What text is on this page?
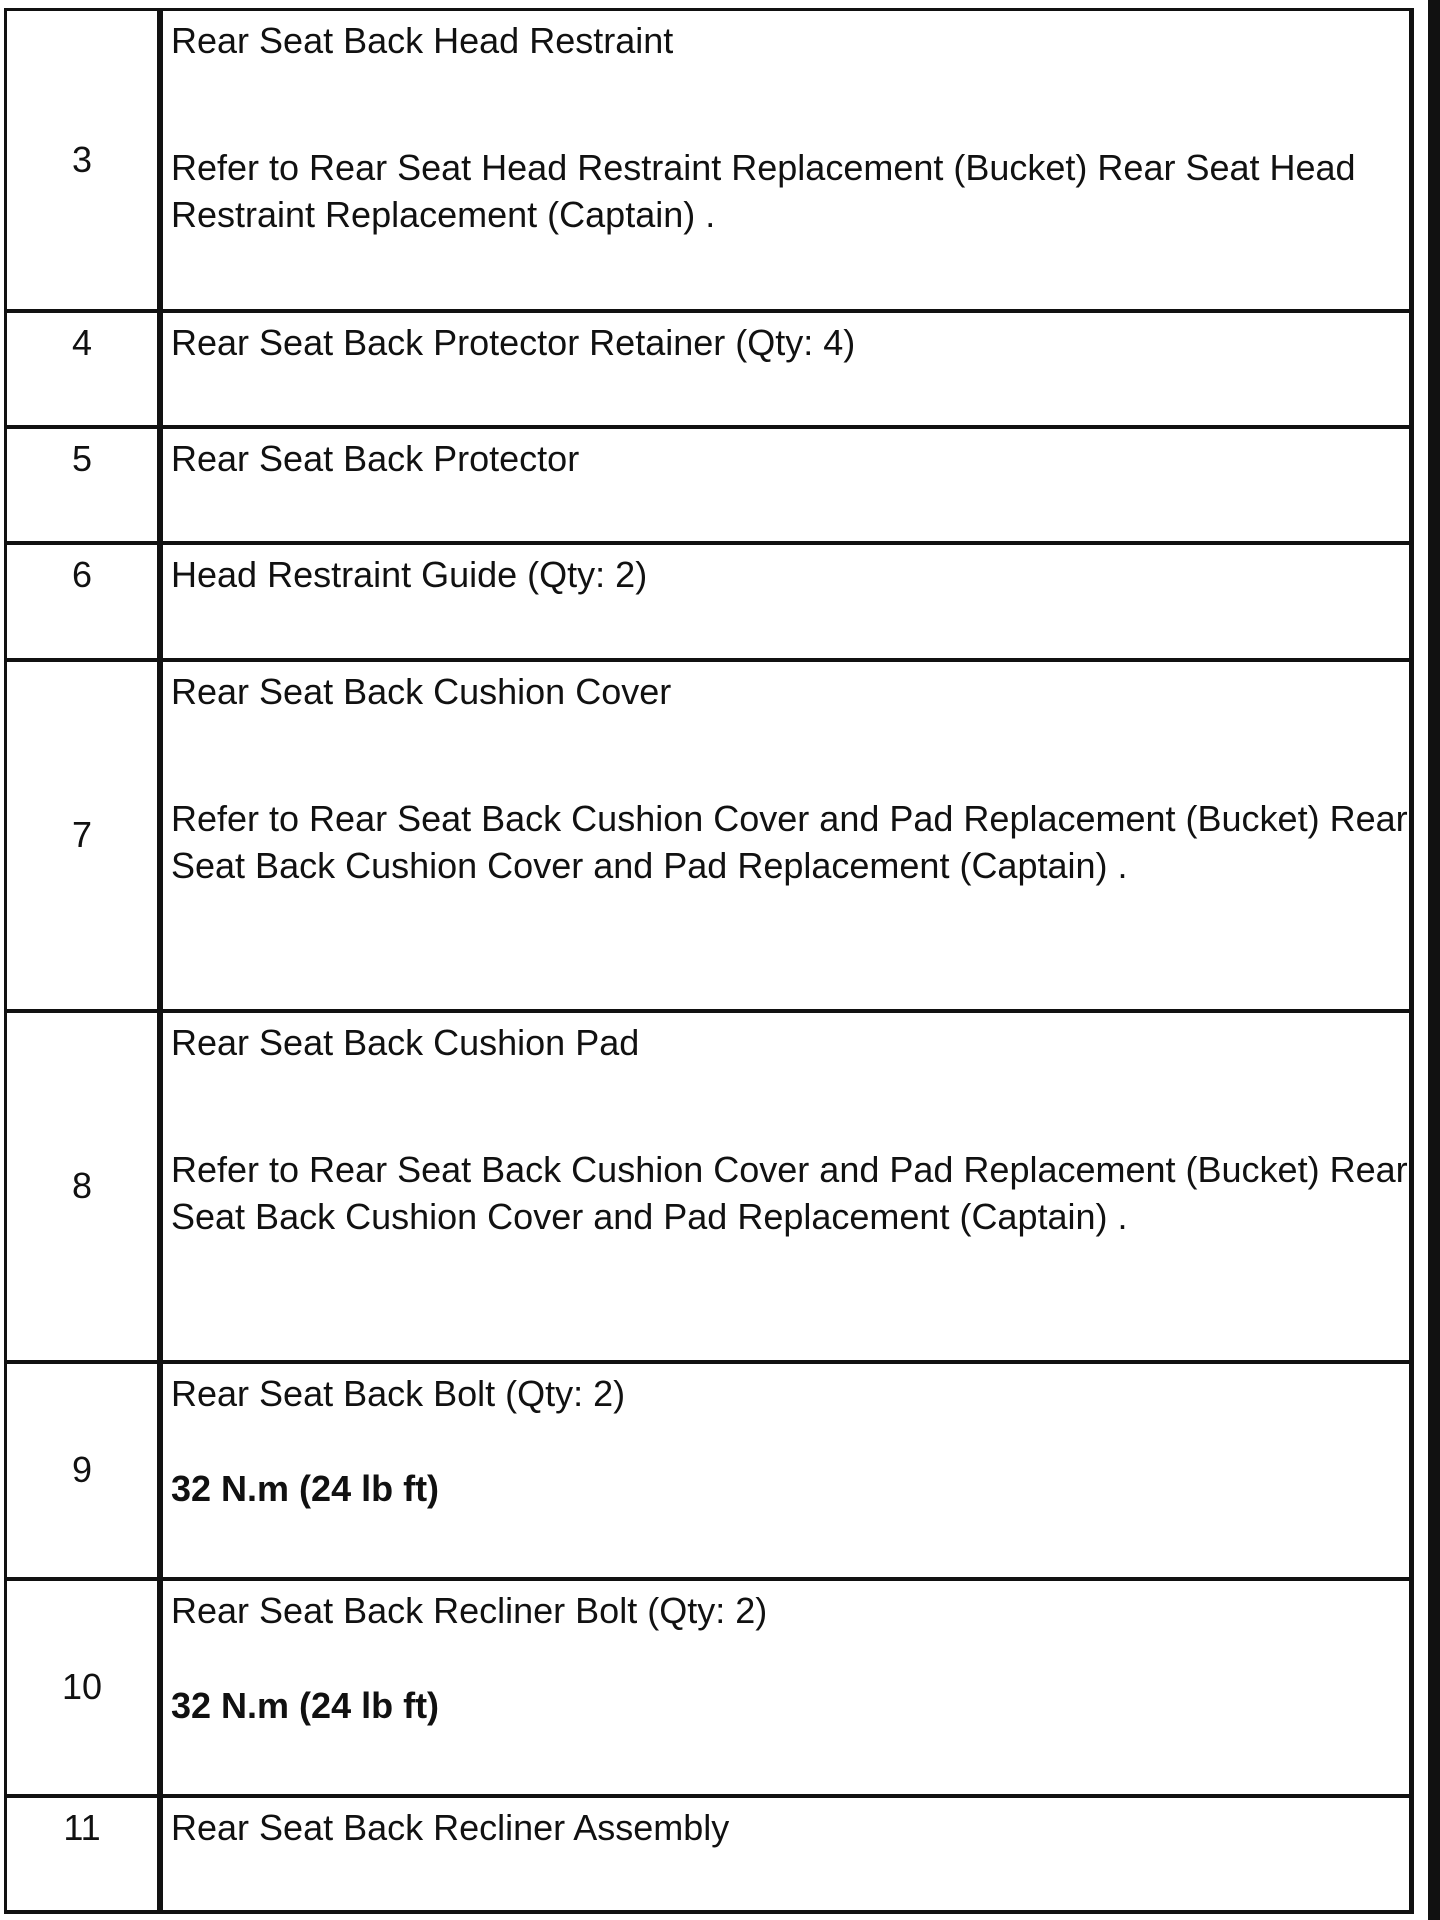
3	Rear Seat Back Head Restraint
Refer to Rear Seat Head Restraint Replacement (Bucket) Rear Seat Head Restraint Replacement (Captain) .

4	Rear Seat Back Protector Retainer (Qty: 4)

5	Rear Seat Back Protector

6	Head Restraint Guide (Qty: 2)

7	Rear Seat Back Cushion Cover
Refer to Rear Seat Back Cushion Cover and Pad Replacement (Bucket) Rear Seat Back Cushion Cover and Pad Replacement (Captain) .

8	Rear Seat Back Cushion Pad
Refer to Rear Seat Back Cushion Cover and Pad Replacement (Bucket) Rear Seat Back Cushion Cover and Pad Replacement (Captain) .

9	Rear Seat Back Bolt (Qty: 2)
32 N.m (24 lb ft)

10	Rear Seat Back Recliner Bolt (Qty: 2)
32 N.m (24 lb ft)

11	Rear Seat Back Recliner Assembly
